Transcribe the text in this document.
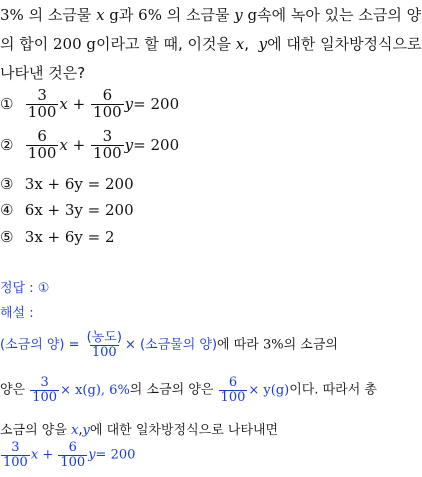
3% 의 소금물 x g과 6% 의 소금물 y g속에 녹아 있는 소금의 양
의 합이 200 g이라고 할 때, 이것을 x, y에 대한 일차방정식으로
나타낸 것은?
① $\frac{3}{100}$ $x + \frac{6}{100} y= 200$
② $\frac{6}{100}$ $x + \frac{3}{100} y= 200$
③ 3x + 6y = 200
④ 6x + 3y = 200
⑤ 3x + 6y = 2
정답 : ①
해설 :
(소금의 양) = $\frac{\text{(농도)}}{100}$ × (소금물의 양)에 따라 3%의 소금의
양은 $\frac{3}{100} \times x(g)$, 6%의 소금의 양은 $\frac{6}{100} \times y(g)$이다. 따라서 총
소금의 양을 x,y에 대한 일차방정식으로 나타내면
$\frac{3}{100}$ $x + \frac{6}{100} y= 200$
